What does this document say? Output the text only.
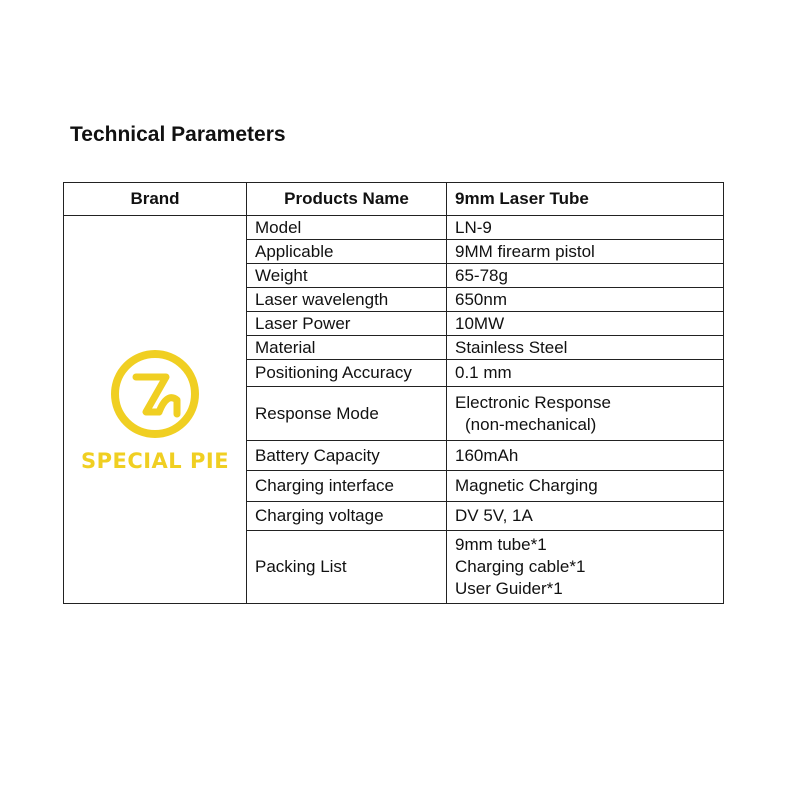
Technical Parameters
Brand	Products Name	9mm Laser Tube

SPECIAL PIE	Model	LN-9
	Applicable	9MM firearm pistol
	Weight	65-78g
	Laser wavelength	650nm
	Laser Power	10MW
	Material	Stainless Steel
	Positioning Accuracy	0.1 mm
	Response Mode	Electronic Response
(non-mechanical)

	Battery Capacity	160mAh
	Charging interface	Magnetic Charging
	Charging voltage	DV 5V, 1A
	Packing List	9mm tube*1
Charging cable*1
User Guider*1
